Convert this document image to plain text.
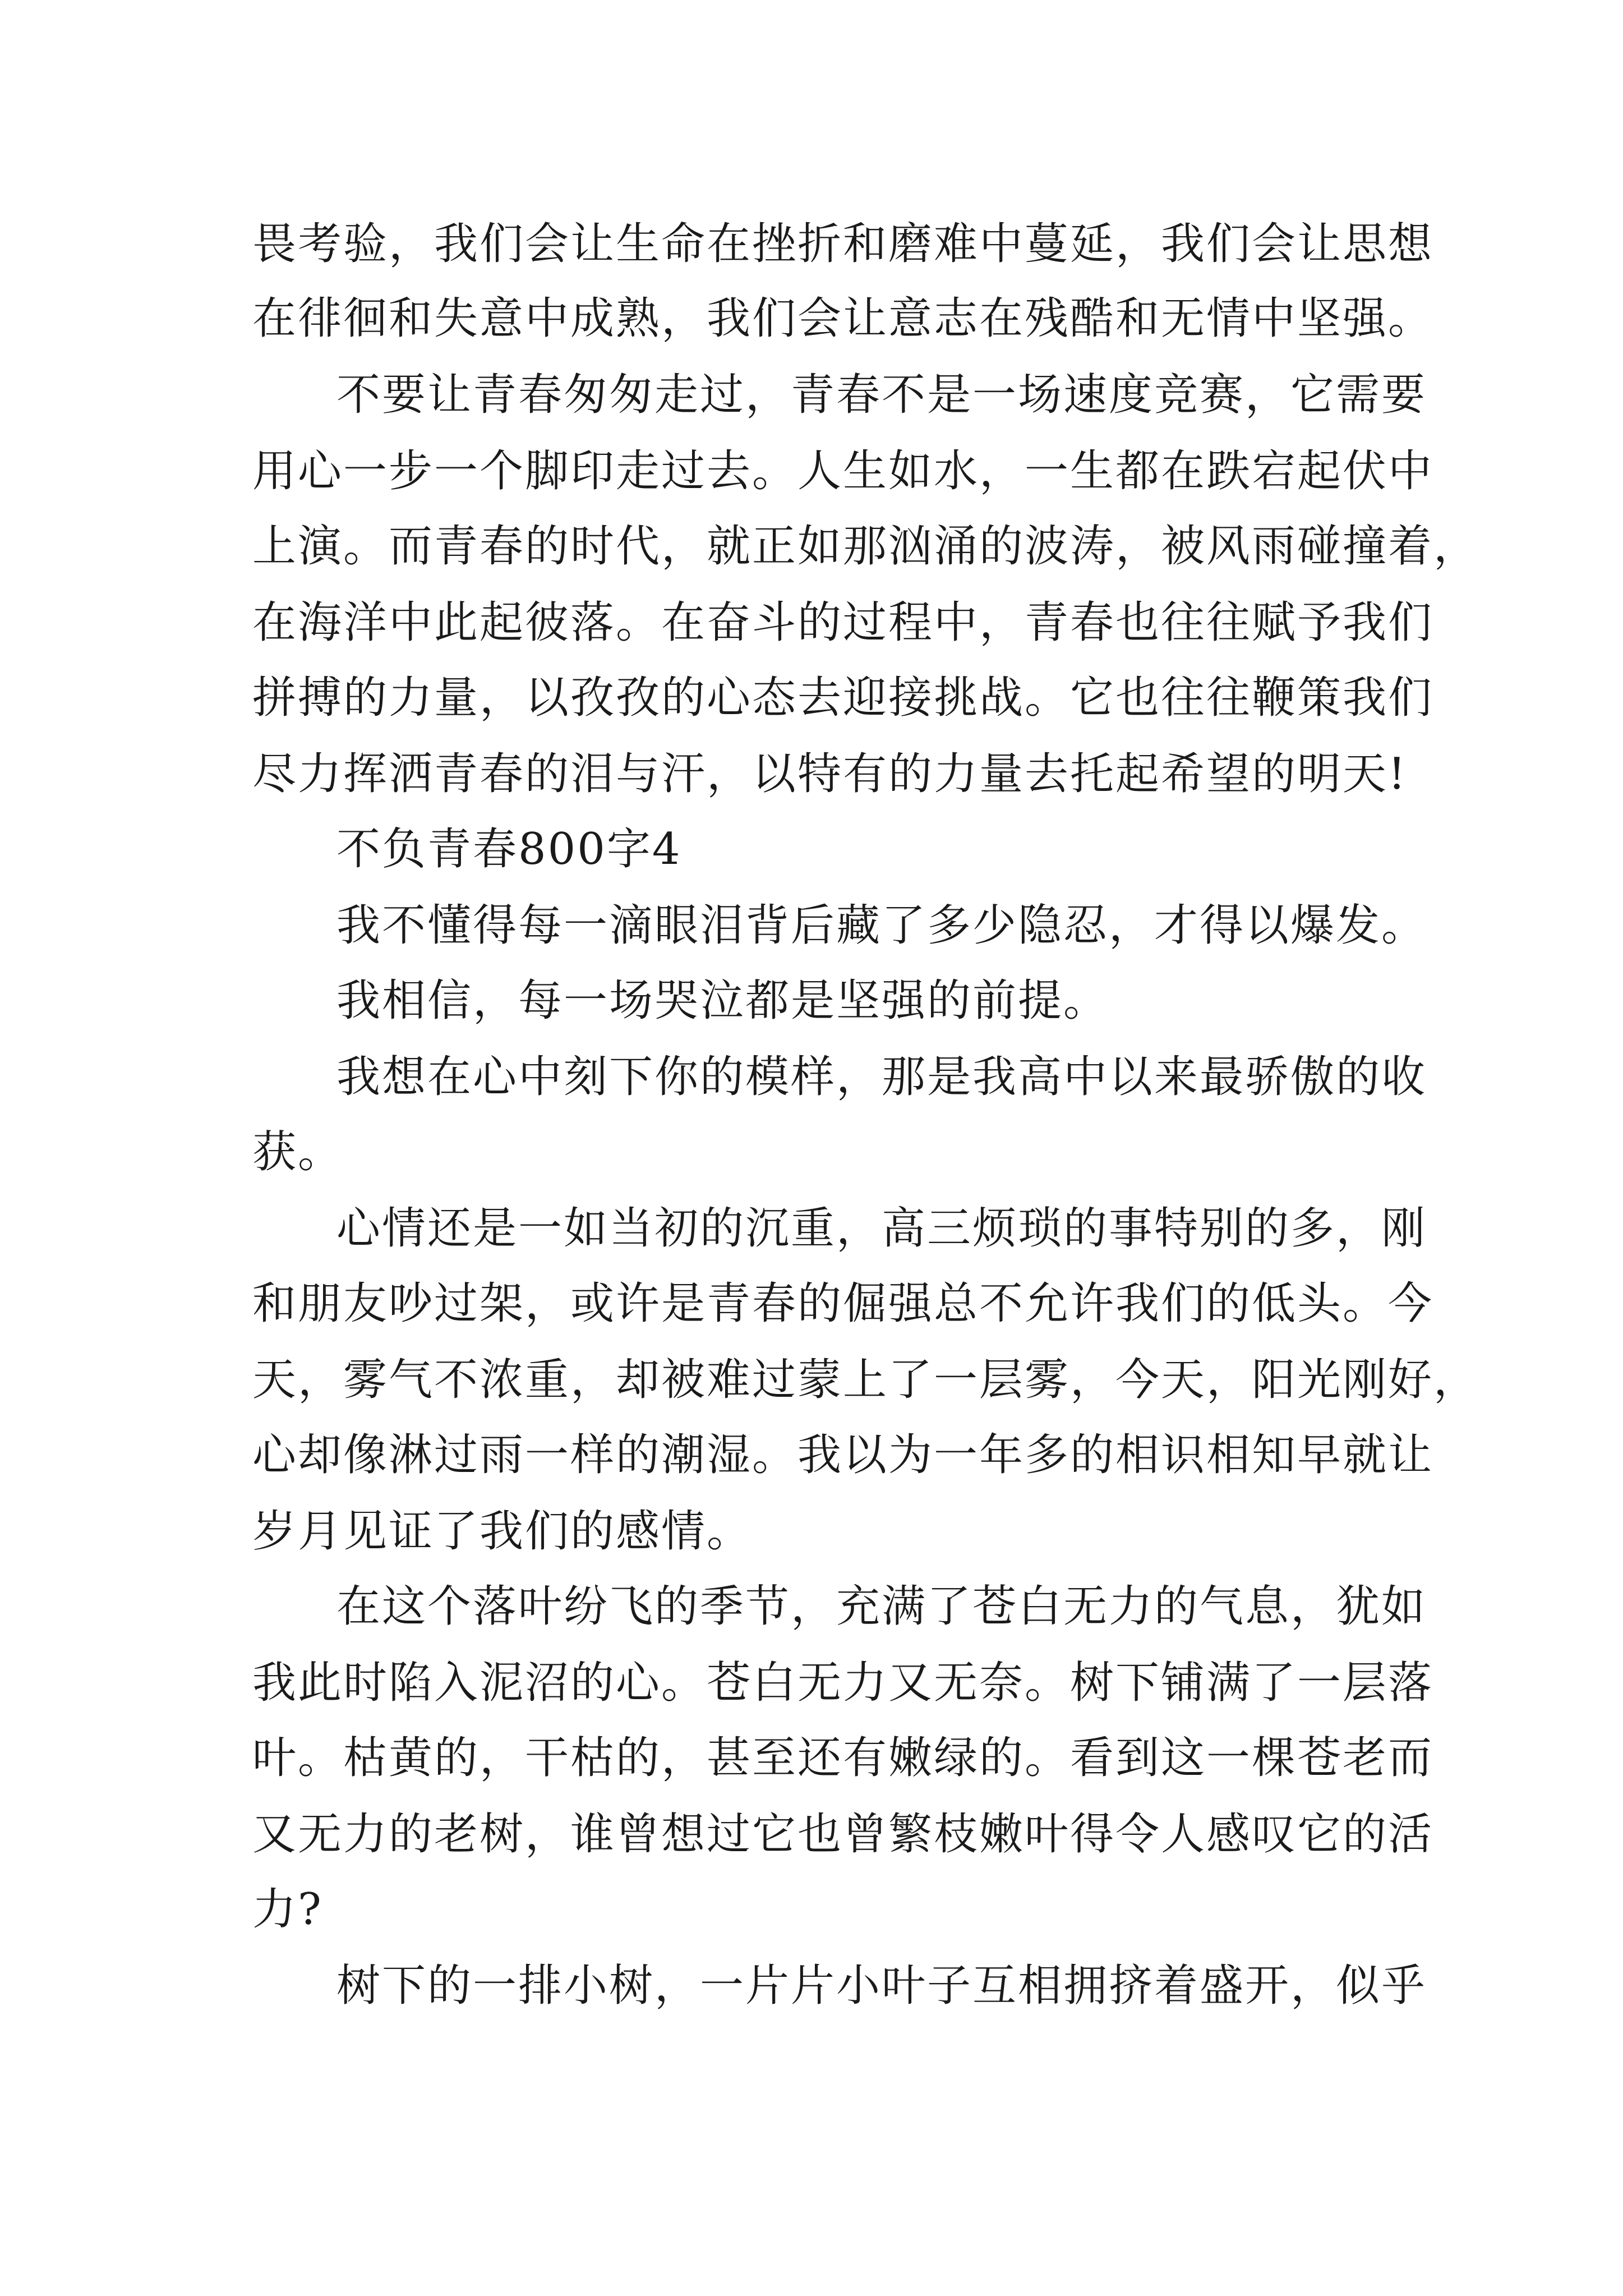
畏考验，我们会让生命在挫折和磨难中蔓延，我们会让思想
在徘徊和失意中成熟，我们会让意志在残酷和无情中坚强。
不要让青春匆匆走过，青春不是一场速度竞赛，它需要
用心一步一个脚印走过去。人生如水，一生都在跌宕起伏中
上演。而青春的时代，就正如那汹涌的波涛，被风雨碰撞着，
在海洋中此起彼落。在奋斗的过程中，青春也往往赋予我们
拼搏的力量，以孜孜的心态去迎接挑战。它也往往鞭策我们
尽力挥洒青春的泪与汗，以特有的力量去托起希望的明天!
不负青春800字4
我不懂得每一滴眼泪背后藏了多少隐忍，才得以爆发。
我相信，每一场哭泣都是坚强的前提。
我想在心中刻下你的模样，那是我高中以来最骄傲的收
获。
心情还是一如当初的沉重，高三烦琐的事特别的多，刚
和朋友吵过架，或许是青春的倔强总不允许我们的低头。今
天，雾气不浓重，却被难过蒙上了一层雾，今天，阳光刚好，
心却像淋过雨一样的潮湿。我以为一年多的相识相知早就让
岁月见证了我们的感情。
在这个落叶纷飞的季节，充满了苍白无力的气息，犹如
我此时陷入泥沼的心。苍白无力又无奈。树下铺满了一层落
叶。枯黄的，干枯的，甚至还有嫩绿的。看到这一棵苍老而
又无力的老树，谁曾想过它也曾繁枝嫩叶得令人感叹它的活
力?
树下的一排小树，一片片小叶子互相拥挤着盛开，似乎
